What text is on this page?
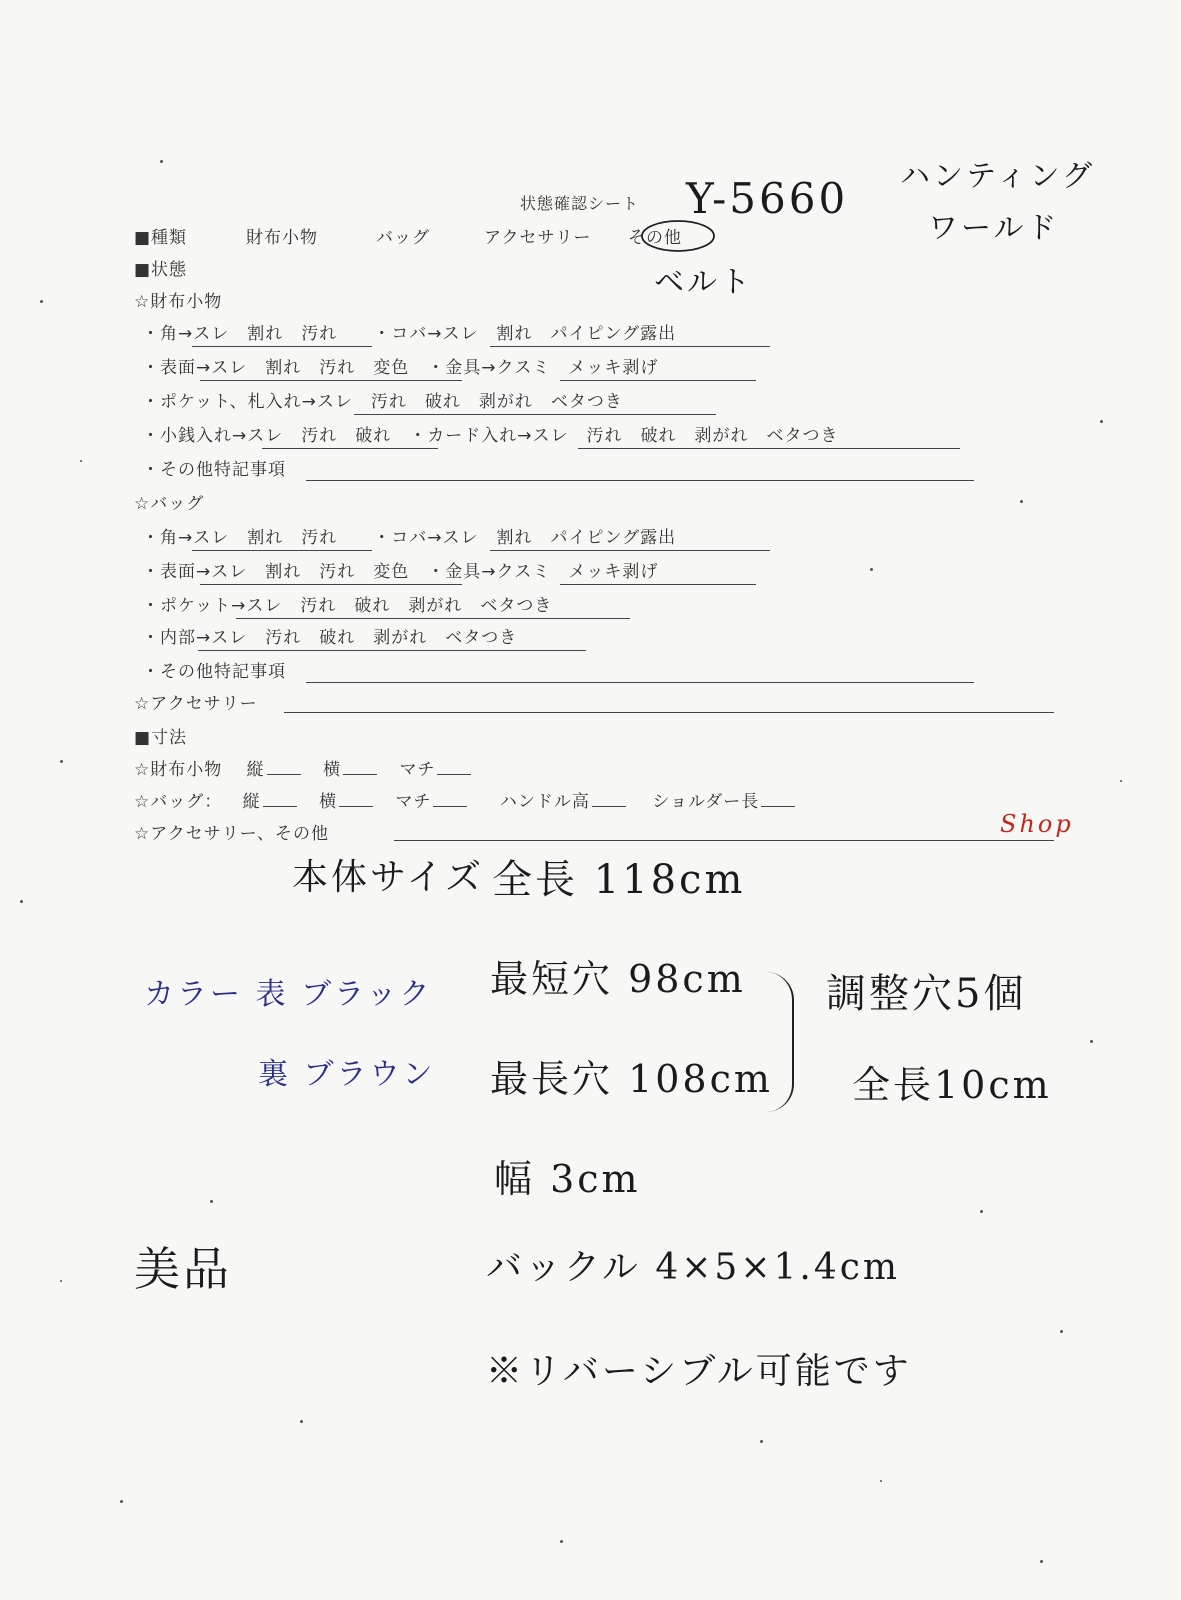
状態確認シート
■種類	財布小物	バッグ	アクセサリー その他
■状態
☆財布小物
・角→スレ　割れ　汚れ　　・コバ→スレ　割れ　パイピング露出
・表面→スレ　割れ　汚れ　変色　・金具→クスミ　メッキ剥げ
・ポケット、札入れ→スレ　汚れ　破れ　剥がれ　ベタつき
・小銭入れ→スレ　汚れ　破れ　・カード入れ→スレ　汚れ　破れ　剥がれ　ベタつき
・その他特記事項
☆バッグ
・角→スレ　割れ　汚れ　　・コバ→スレ　割れ　パイピング露出
・表面→スレ　割れ　汚れ　変色　・金具→クスミ　メッキ剥げ
・ポケット→スレ　汚れ　破れ　剥がれ　ベタつき
・内部→スレ　汚れ　破れ　剥がれ　ベタつき
・その他特記事項
☆アクセサリー
■寸法
☆財布小物 縦	横	マチ
☆バッグ： 縦	横	マチ	ハンドル高	ショルダー長
☆アクセサリー、その他
Y-5660 ハンティング
ワールド
ベルト
Shop
本体サイズ 全長 118cm
最短穴 98cm
最長穴 108cm
調整穴5個
全長10cm
カラー 表 ブラック
裏 ブラウン
幅 3cm
美品	バックル 4×5×1.4cm
※リバーシブル可能です
